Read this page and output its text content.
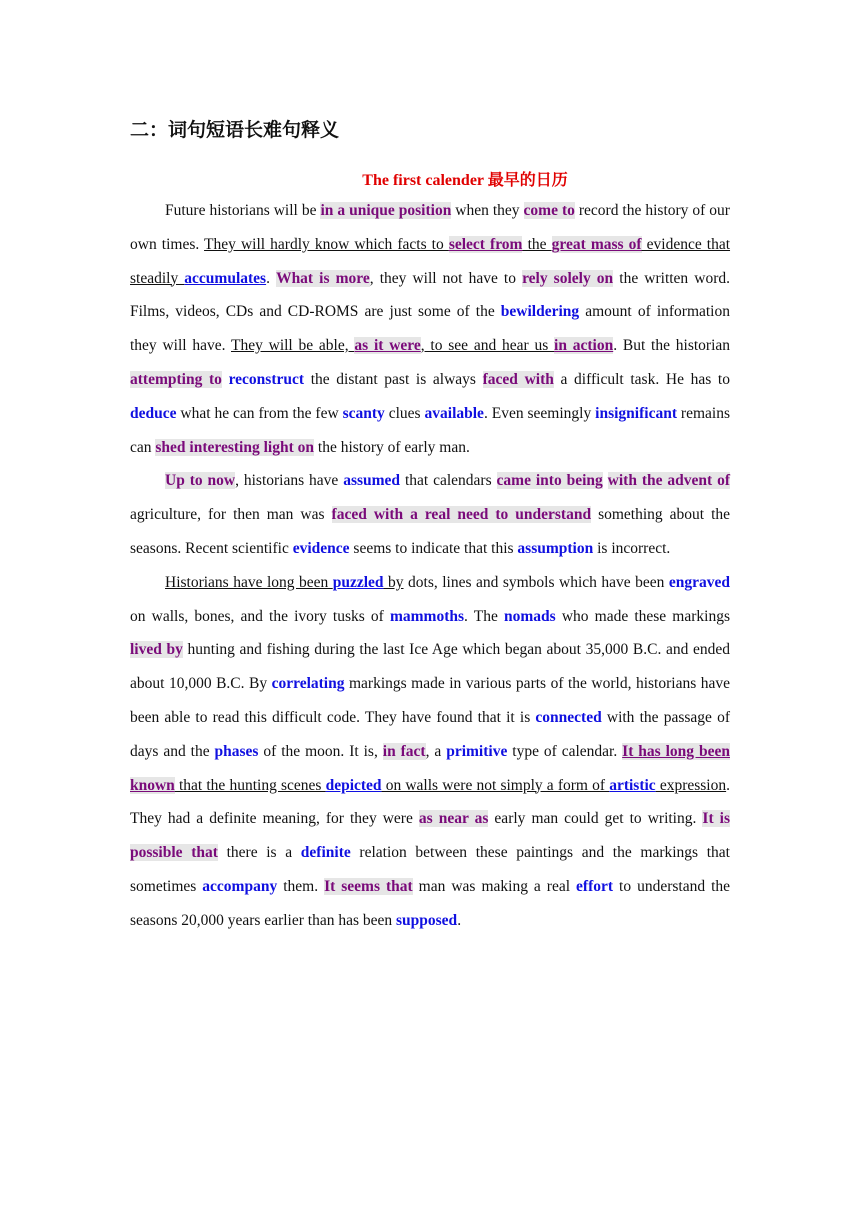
二：词句短语长难句释义
The first calender 最早的日历

Future historians will be in a unique position when they come to record the history of our own times. They will hardly know which facts to select from the great mass of evidence that steadily accumulates. What is more, they will not have to rely solely on the written word. Films, videos, CDs and CD-ROMS are just some of the bewildering amount of information they will have. They will be able, as it were, to see and hear us in action. But the historian attempting to reconstruct the distant past is always faced with a difficult task. He has to deduce what he can from the few scanty clues available. Even seemingly insignificant remains can shed interesting light on the history of early man.

Up to now, historians have assumed that calendars came into being with the advent of agriculture, for then man was faced with a real need to understand something about the seasons. Recent scientific evidence seems to indicate that this assumption is incorrect.

Historians have long been puzzled by dots, lines and symbols which have been engraved on walls, bones, and the ivory tusks of mammoths. The nomads who made these markings lived by hunting and fishing during the last Ice Age which began about 35,000 B.C. and ended about 10,000 B.C. By correlating markings made in various parts of the world, historians have been able to read this difficult code. They have found that it is connected with the passage of days and the phases of the moon. It is, in fact, a primitive type of calendar. It has long been known that the hunting scenes depicted on walls were not simply a form of artistic expression. They had a definite meaning, for they were as near as early man could get to writing. It is possible that there is a definite relation between these paintings and the markings that sometimes accompany them. It seems that man was making a real effort to understand the seasons 20,000 years earlier than has been supposed.
